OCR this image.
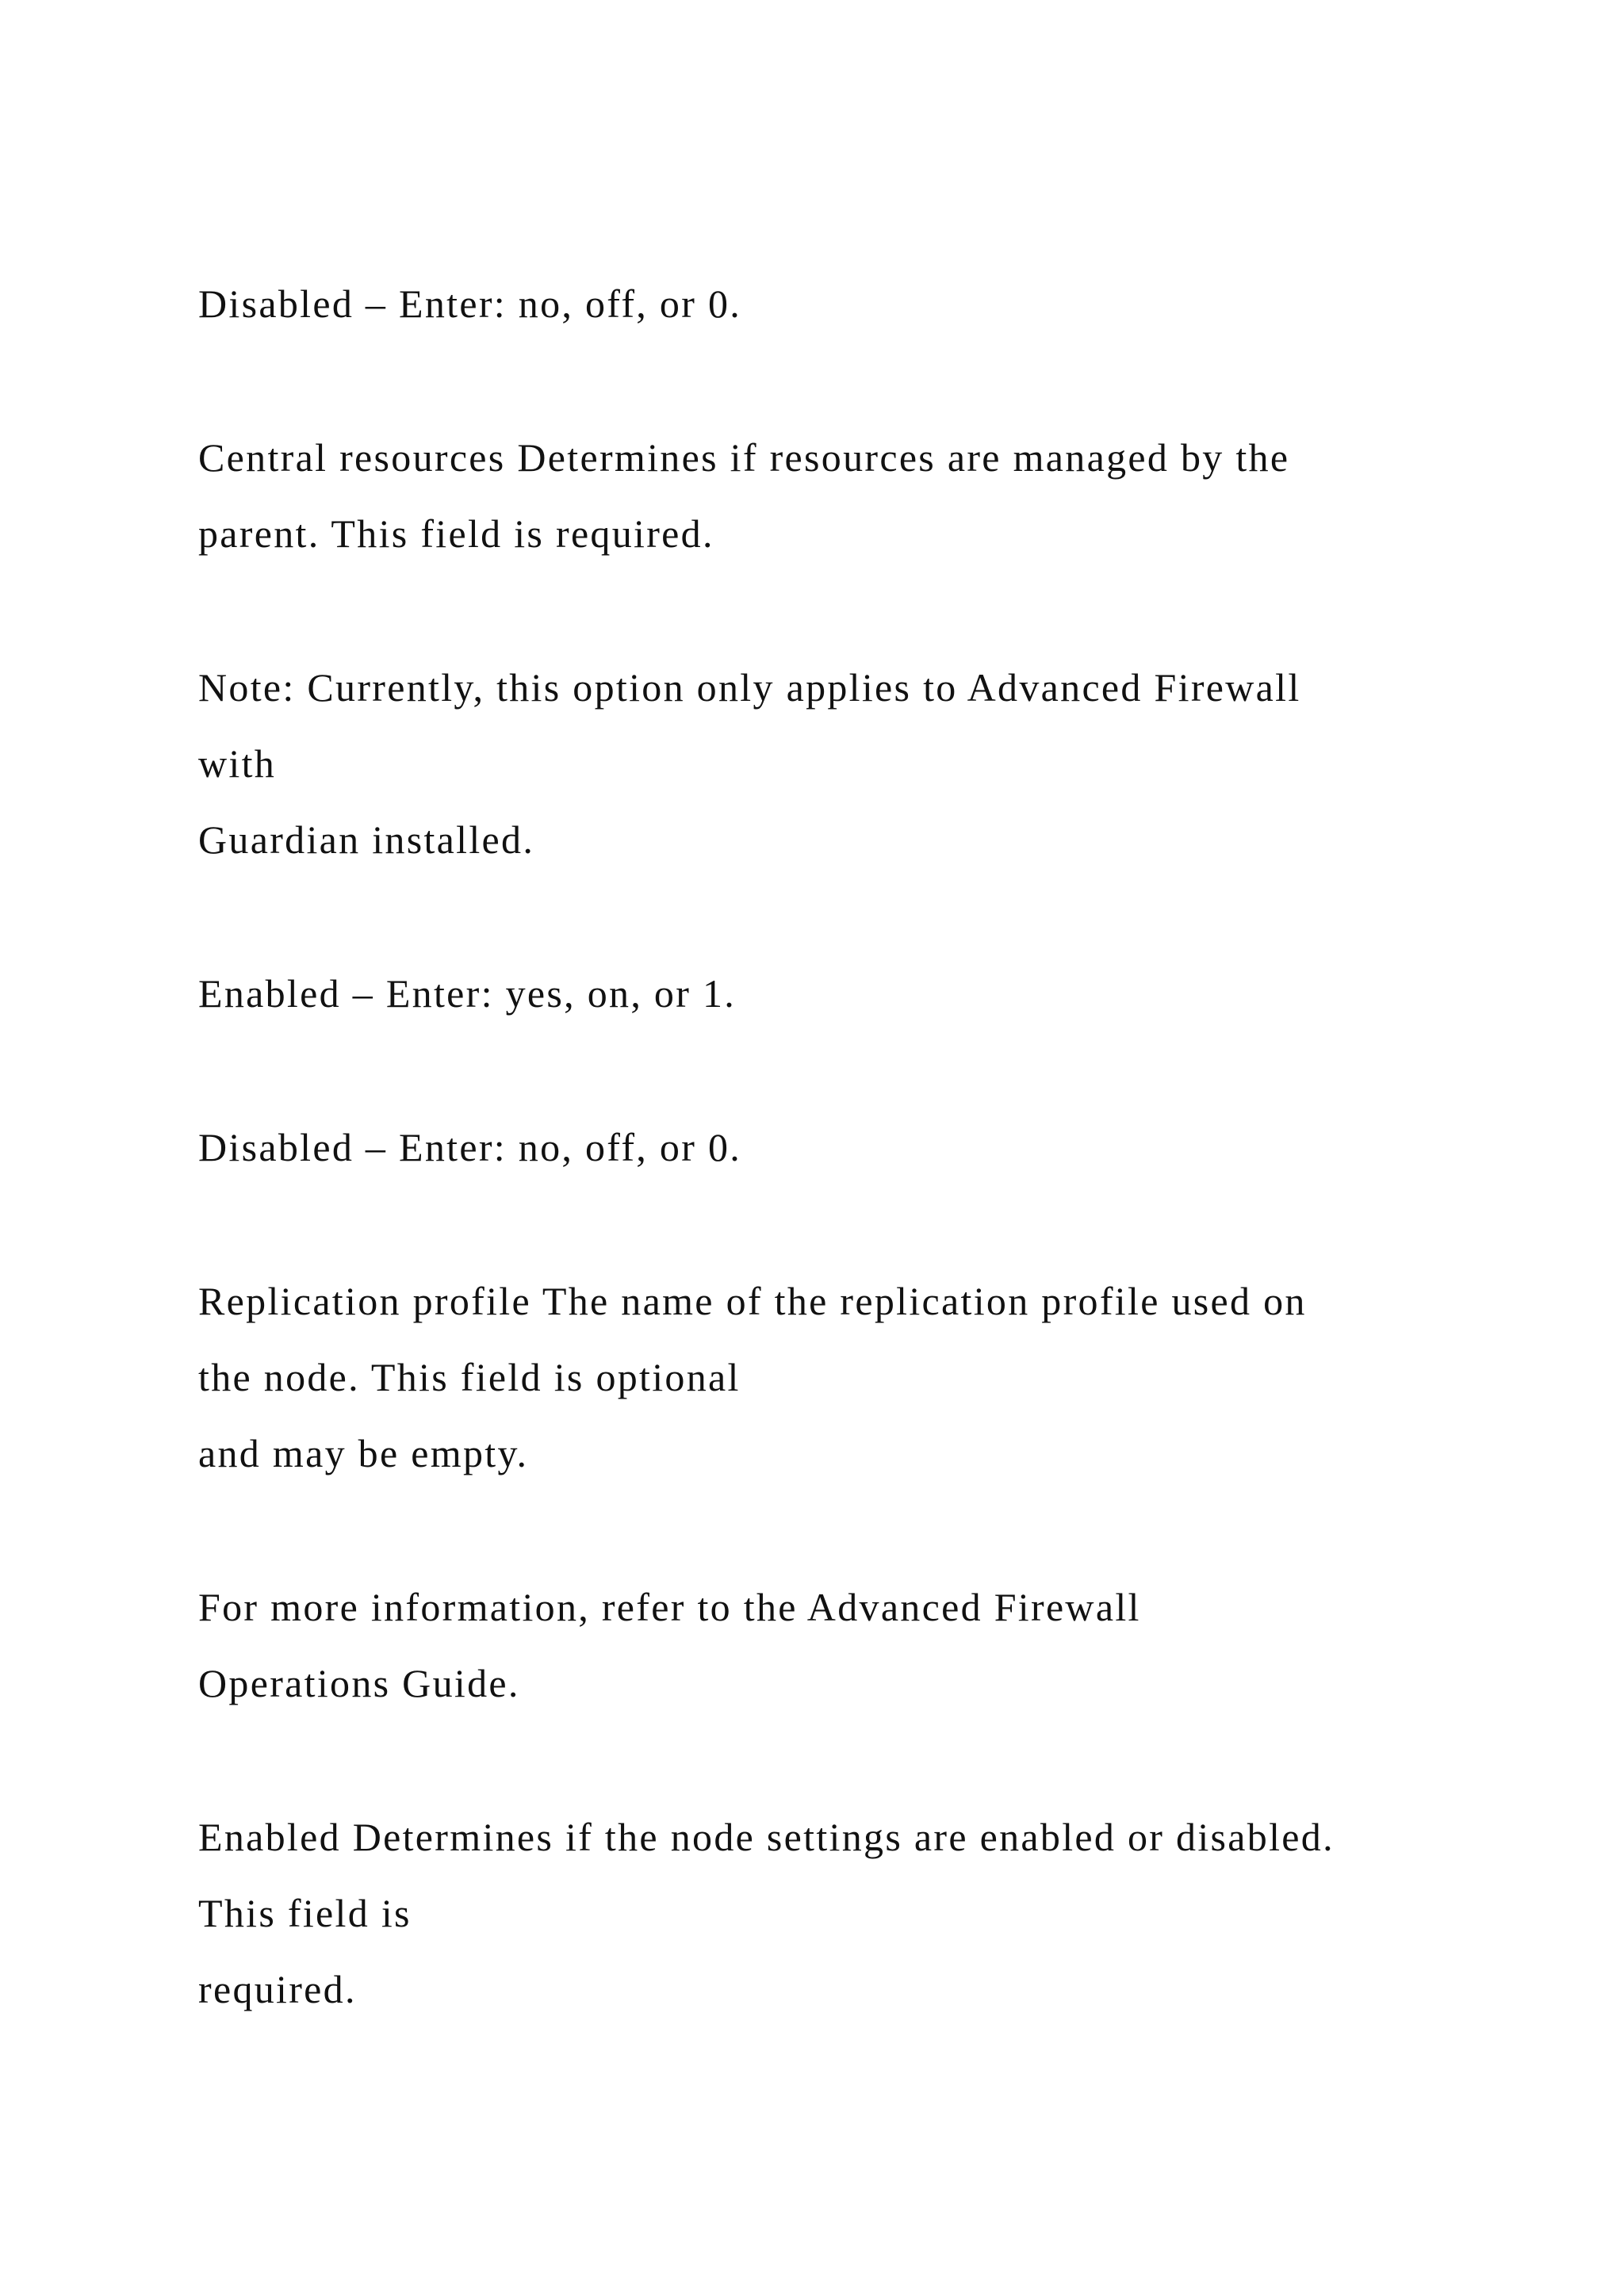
Disabled – Enter: no, off, or 0.

Central resources Determines if resources are managed by the

parent. This field is required.

Note: Currently, this option only applies to Advanced Firewall

with

Guardian installed.

Enabled – Enter: yes, on, or 1.

Disabled – Enter: no, off, or 0.

Replication profile The name of the replication profile used on

the node. This field is optional

and may be empty.

For more information, refer to the Advanced Firewall

Operations Guide.

Enabled Determines if the node settings are enabled or disabled.

This field is

required.
